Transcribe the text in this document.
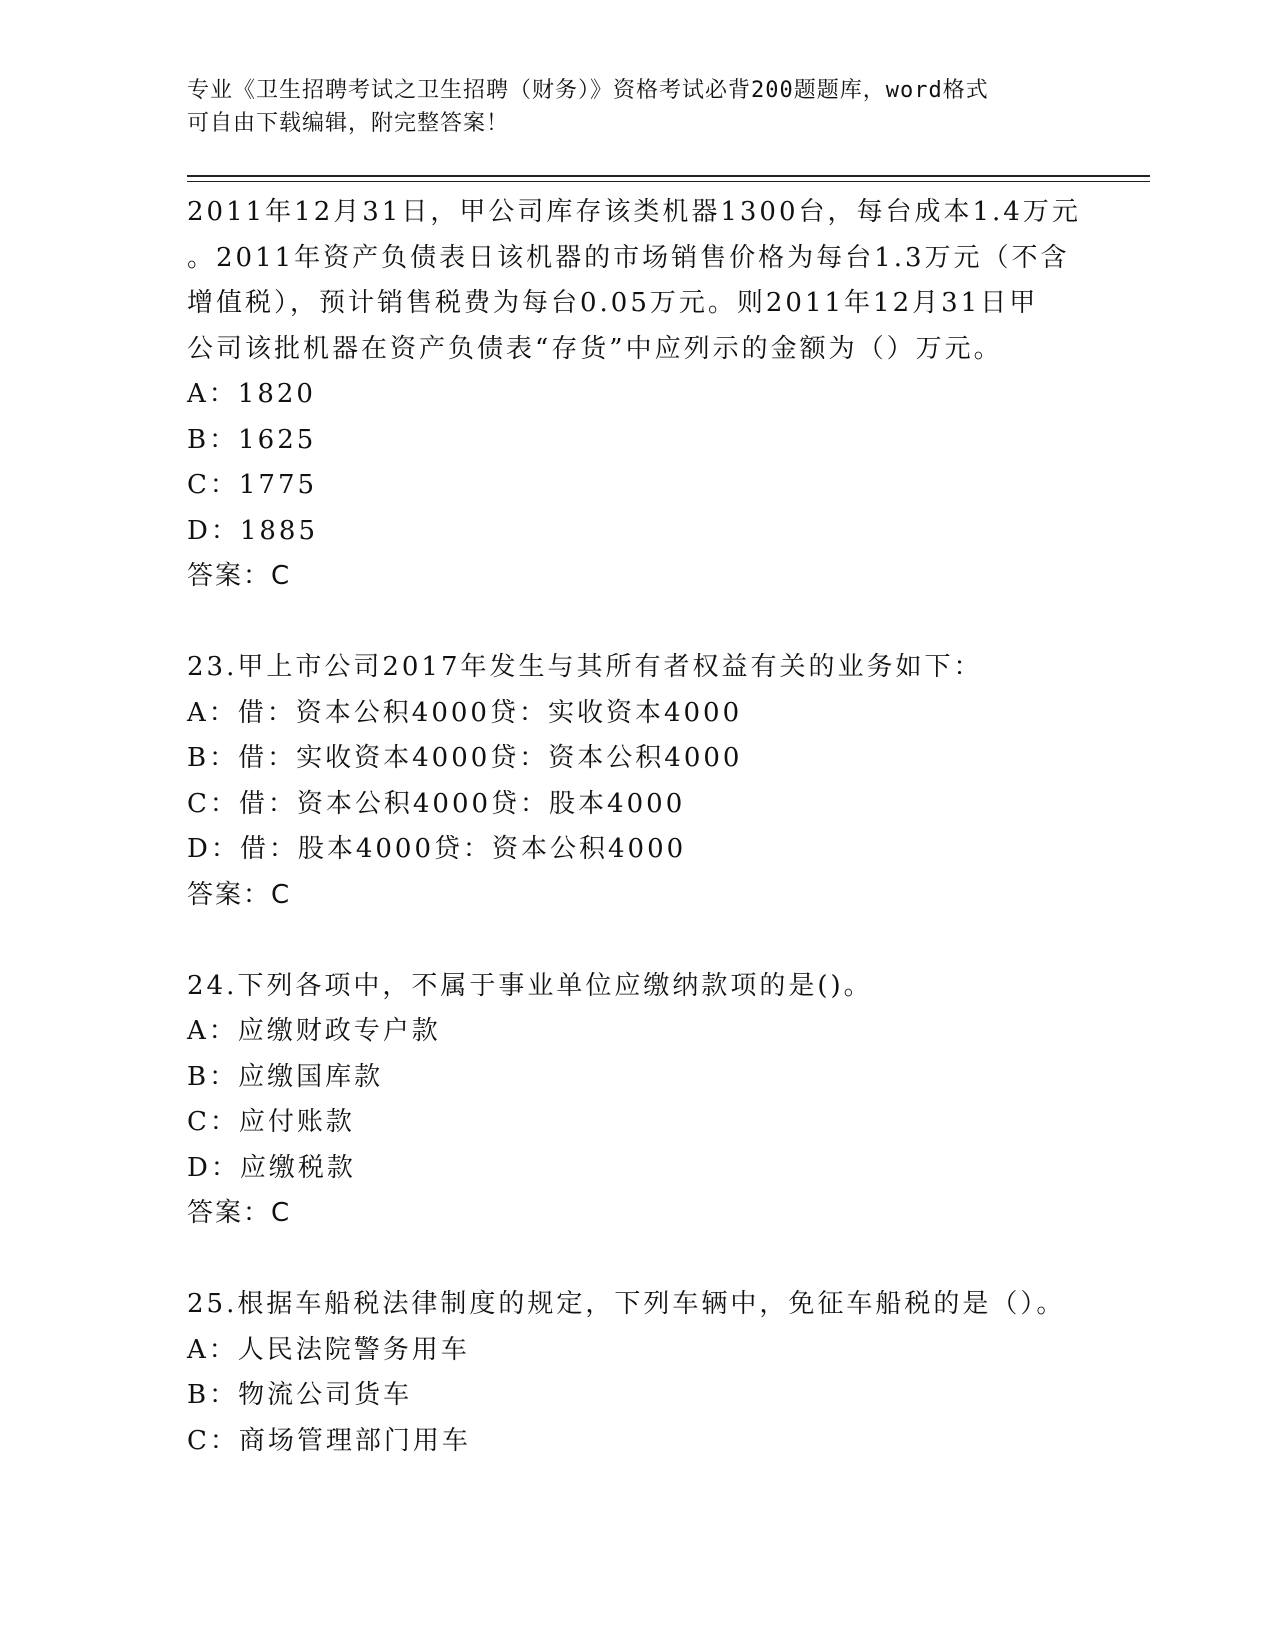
专业《卫生招聘考试之卫生招聘（财务）》资格考试必背200题题库，word格式
可自由下载编辑，附完整答案！
2011年12月31日，甲公司库存该类机器1300台，每台成本1.4万元
。2011年资产负债表日该机器的市场销售价格为每台1.3万元（不含
增值税），预计销售税费为每台0.05万元。则2011年12月31日甲
公司该批机器在资产负债表“存货”中应列示的金额为（）万元。
A：1820
B：1625
C：1775
D：1885
答案：C
23.甲上市公司2017年发生与其所有者权益有关的业务如下：
A：借：资本公积4000贷：实收资本4000
B：借：实收资本4000贷：资本公积4000
C：借：资本公积4000贷：股本4000
D：借：股本4000贷：资本公积4000
答案：C
24.下列各项中，不属于事业单位应缴纳款项的是()。
A：应缴财政专户款
B：应缴国库款
C：应付账款
D：应缴税款
答案：C
25.根据车船税法律制度的规定，下列车辆中，免征车船税的是（）。
A：人民法院警务用车
B：物流公司货车
C：商场管理部门用车
